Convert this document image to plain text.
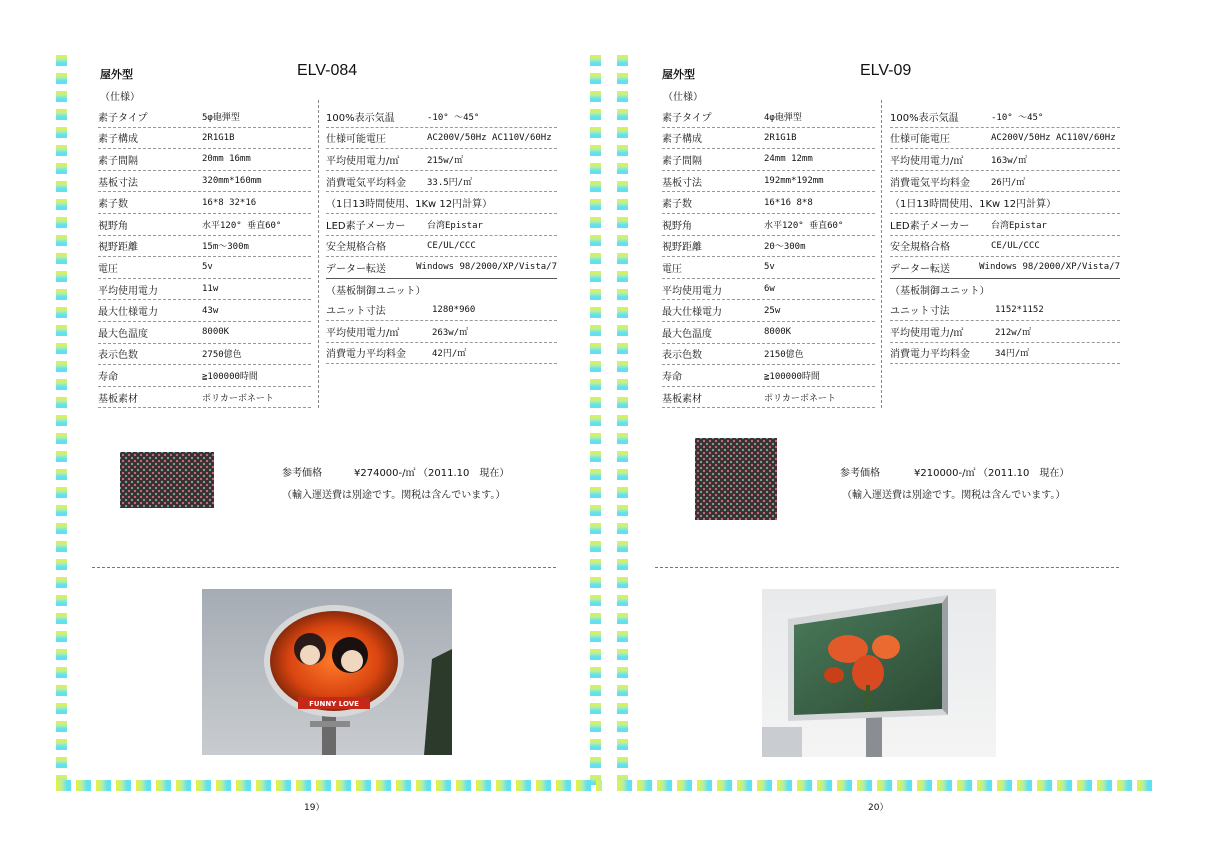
屋外型	ELV-084
（仕様）
素子タイプ	5φ砲弾型
素子構成	2R1G1B
素子間隔	20mm 16mm
基板寸法	320mm*160mm
素子数	16*8 32*16
視野角	水平120° 垂直60°
視野距離	15m〜300m
電圧	5v
平均使用電力	11w
最大仕様電力	43w
最大色温度	8000K
表示色数	2750億色
寿命	≧100000時間
基板素材	ポリカーボネート
100%表示気温	-10° 〜45°
仕様可能電圧	AC200V/50Hz AC110V/60Hz
平均使用電力/㎡	215w/㎡
消費電気平均料金	33.5円/㎡
（1日13時間使用、1Kw 12円計算）
LED素子メーカー	台湾Epistar
安全規格合格	CE/UL/CCC
データー転送	Windows 98/2000/XP/Vista/7
（基板制御ユニット）
ユニット寸法	1280*960
平均使用電力/㎡	263w/㎡
消費電力平均料金	42円/㎡
参考価格	¥274000-/㎡ （2011.10　現在）
（輸入運送費は別途です。関税は含んでいます。）
FUNNY LOVE
19）
屋外型	ELV-09
（仕様）
素子タイプ	4φ砲弾型
素子構成	2R1G1B
素子間隔	24mm 12mm
基板寸法	192mm*192mm
素子数	16*16 8*8
視野角	水平120° 垂直60°
視野距離	20〜300m
電圧	5v
平均使用電力	6w
最大仕様電力	25w
最大色温度	8000K
表示色数	2150億色
寿命	≧100000時間
基板素材	ポリカーボネート
100%表示気温	-10° 〜45°
仕様可能電圧	AC200V/50Hz AC110V/60Hz
平均使用電力/㎡	163w/㎡
消費電気平均料金	26円/㎡
（1日13時間使用、1Kw 12円計算）
LED素子メーカー	台湾Epistar
安全規格合格	CE/UL/CCC
データー転送	Windows 98/2000/XP/Vista/7
（基板制御ユニット）
ユニット寸法	1152*1152
平均使用電力/㎡	212w/㎡
消費電力平均料金	34円/㎡
参考価格	¥210000-/㎡ （2011.10　現在）
（輸入運送費は別途です。関税は含んでいます。）
20）
